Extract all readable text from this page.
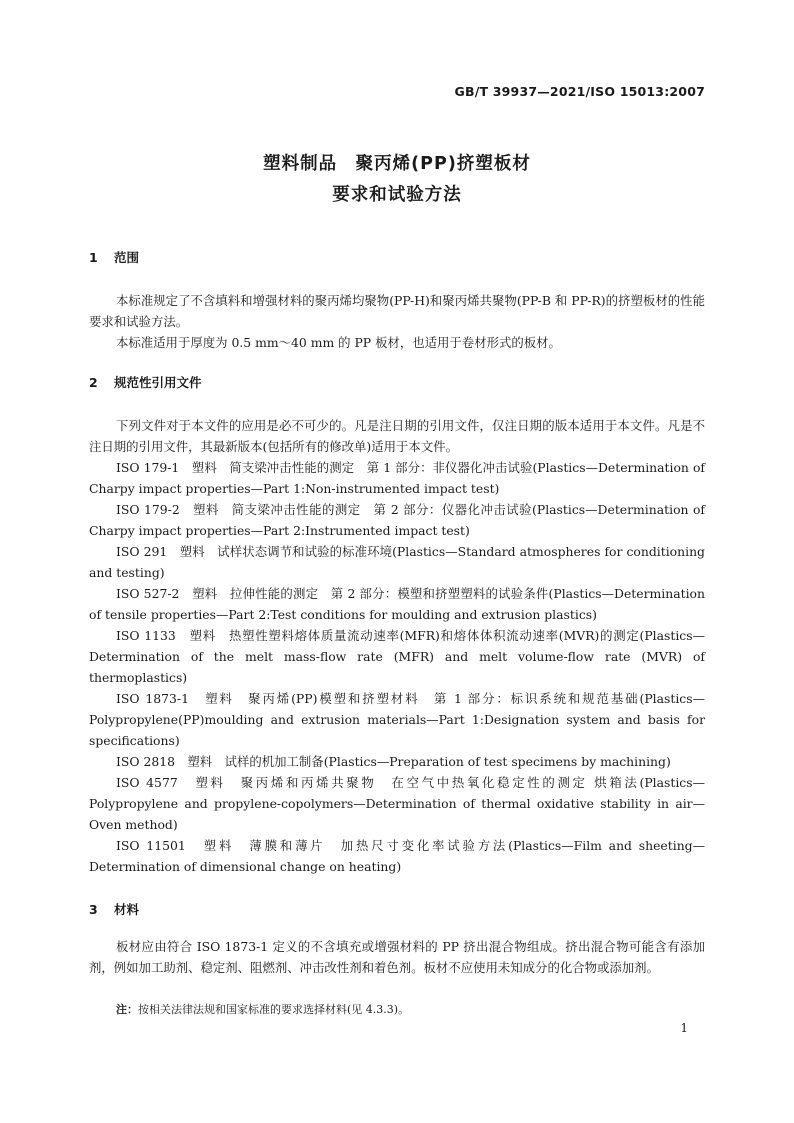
GB/T 39937—2021/ISO 15013:2007
塑料制品　聚丙烯(PP)挤塑板材
要求和试验方法
1 范围

本标准规定了不含填料和增强材料的聚丙烯均聚物(PP-H)和聚丙烯共聚物(PP-B 和 PP-R)的挤塑板材的性能要求和试验方法。

本标准适用于厚度为 0.5 mm～40 mm 的 PP 板材，也适用于卷材形式的板材。

2 规范性引用文件

下列文件对于本文件的应用是必不可少的。凡是注日期的引用文件，仅注日期的版本适用于本文件。凡是不注日期的引用文件，其最新版本(包括所有的修改单)适用于本文件。

ISO 179-1　塑料　简支梁冲击性能的测定　第 1 部分：非仪器化冲击试验(Plastics—Determination of Charpy impact properties—Part 1:Non-instrumented impact test)

ISO 179-2　塑料　简支梁冲击性能的测定　第 2 部分：仪器化冲击试验(Plastics—Determination of Charpy impact properties—Part 2:Instrumented impact test)

ISO 291　塑料　试样状态调节和试验的标准环境(Plastics—Standard atmospheres for conditioning and testing)

ISO 527-2　塑料　拉伸性能的测定　第 2 部分：模塑和挤塑塑料的试验条件(Plastics—Determination of tensile properties—Part 2:Test conditions for moulding and extrusion plastics)

ISO 1133　塑料　热塑性塑料熔体质量流动速率(MFR)和熔体体积流动速率(MVR)的测定(Plastics—Determination of the melt mass-flow rate (MFR) and melt volume-flow rate (MVR) of thermoplastics)

ISO 1873-1　塑料　聚丙烯(PP)模塑和挤塑材料　第 1 部分：标识系统和规范基础(Plastics—Polypropylene(PP)moulding and extrusion materials—Part 1:Designation system and basis for specifications)

ISO 2818　塑料　试样的机加工制备(Plastics—Preparation of test specimens by machining)

ISO 4577　塑料　聚丙烯和丙烯共聚物　在空气中热氧化稳定性的测定 烘箱法(Plastics—Polypropylene and propylene-copolymers—Determination of thermal oxidative stability in air—Oven method)

ISO 11501　塑料　薄膜和薄片　加热尺寸变化率试验方法(Plastics—Film and sheeting—Determination of dimensional change on heating)

3 材料

板材应由符合 ISO 1873-1 定义的不含填充或增强材料的 PP 挤出混合物组成。挤出混合物可能含有添加剂，例如加工助剂、稳定剂、阻燃剂、冲击改性剂和着色剂。板材不应使用未知成分的化合物或添加剂。

注：按相关法律法规和国家标准的要求选择材料(见 4.3.3)。
1
